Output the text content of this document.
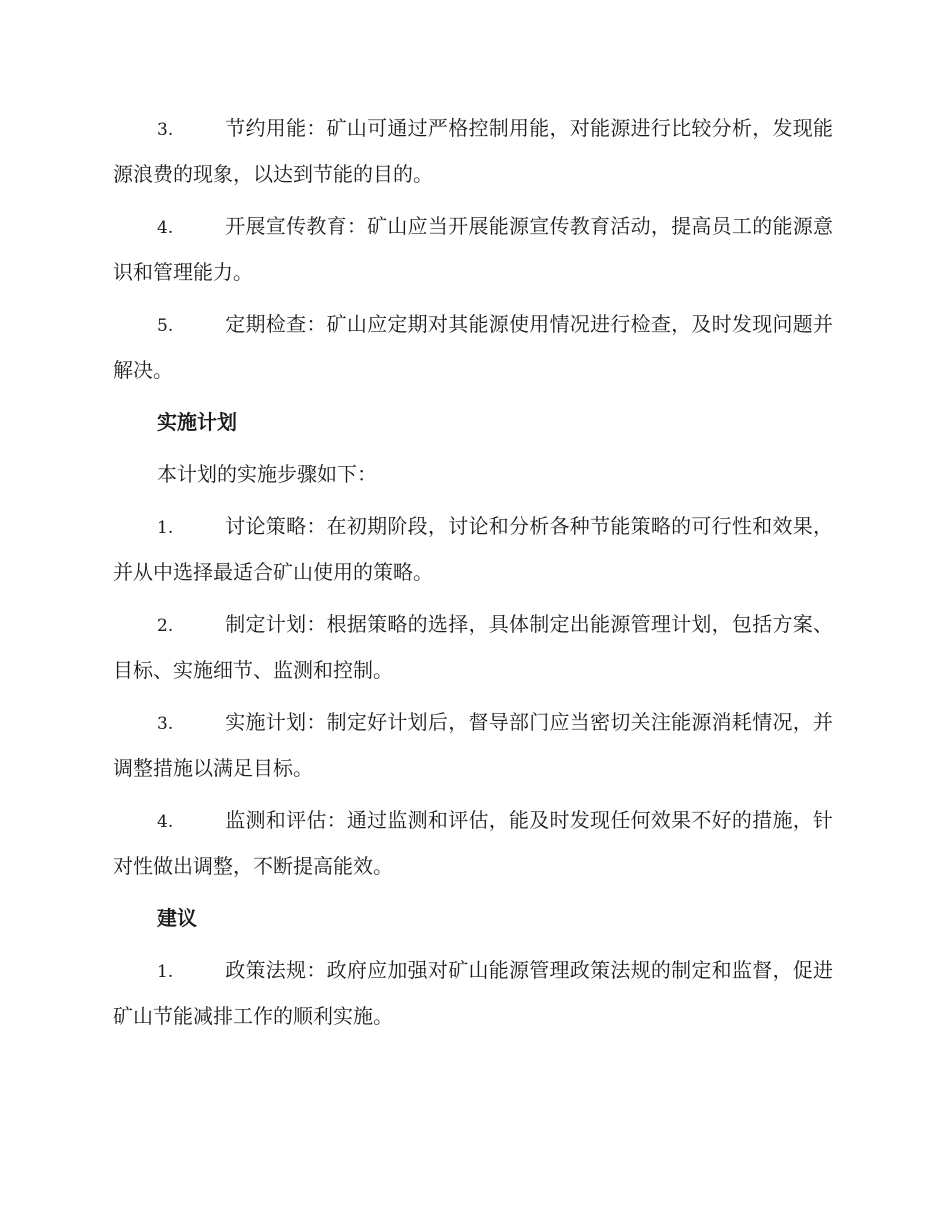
3.	节约用能：矿山可通过严格控制用能，对能源进行比较分析，发现能源浪费的现象，以达到节能的目的。

4.	开展宣传教育：矿山应当开展能源宣传教育活动，提高员工的能源意识和管理能力。

5.	定期检查：矿山应定期对其能源使用情况进行检查，及时发现问题并解决。

实施计划

本计划的实施步骤如下：

1.	讨论策略：在初期阶段，讨论和分析各种节能策略的可行性和效果，并从中选择最适合矿山使用的策略。

2.	制定计划：根据策略的选择，具体制定出能源管理计划，包括方案、目标、实施细节、监测和控制。

3.	实施计划：制定好计划后，督导部门应当密切关注能源消耗情况，并调整措施以满足目标。

4.	监测和评估：通过监测和评估，能及时发现任何效果不好的措施，针对性做出调整，不断提高能效。

建议

1.	政策法规：政府应加强对矿山能源管理政策法规的制定和监督，促进矿山节能减排工作的顺利实施。
